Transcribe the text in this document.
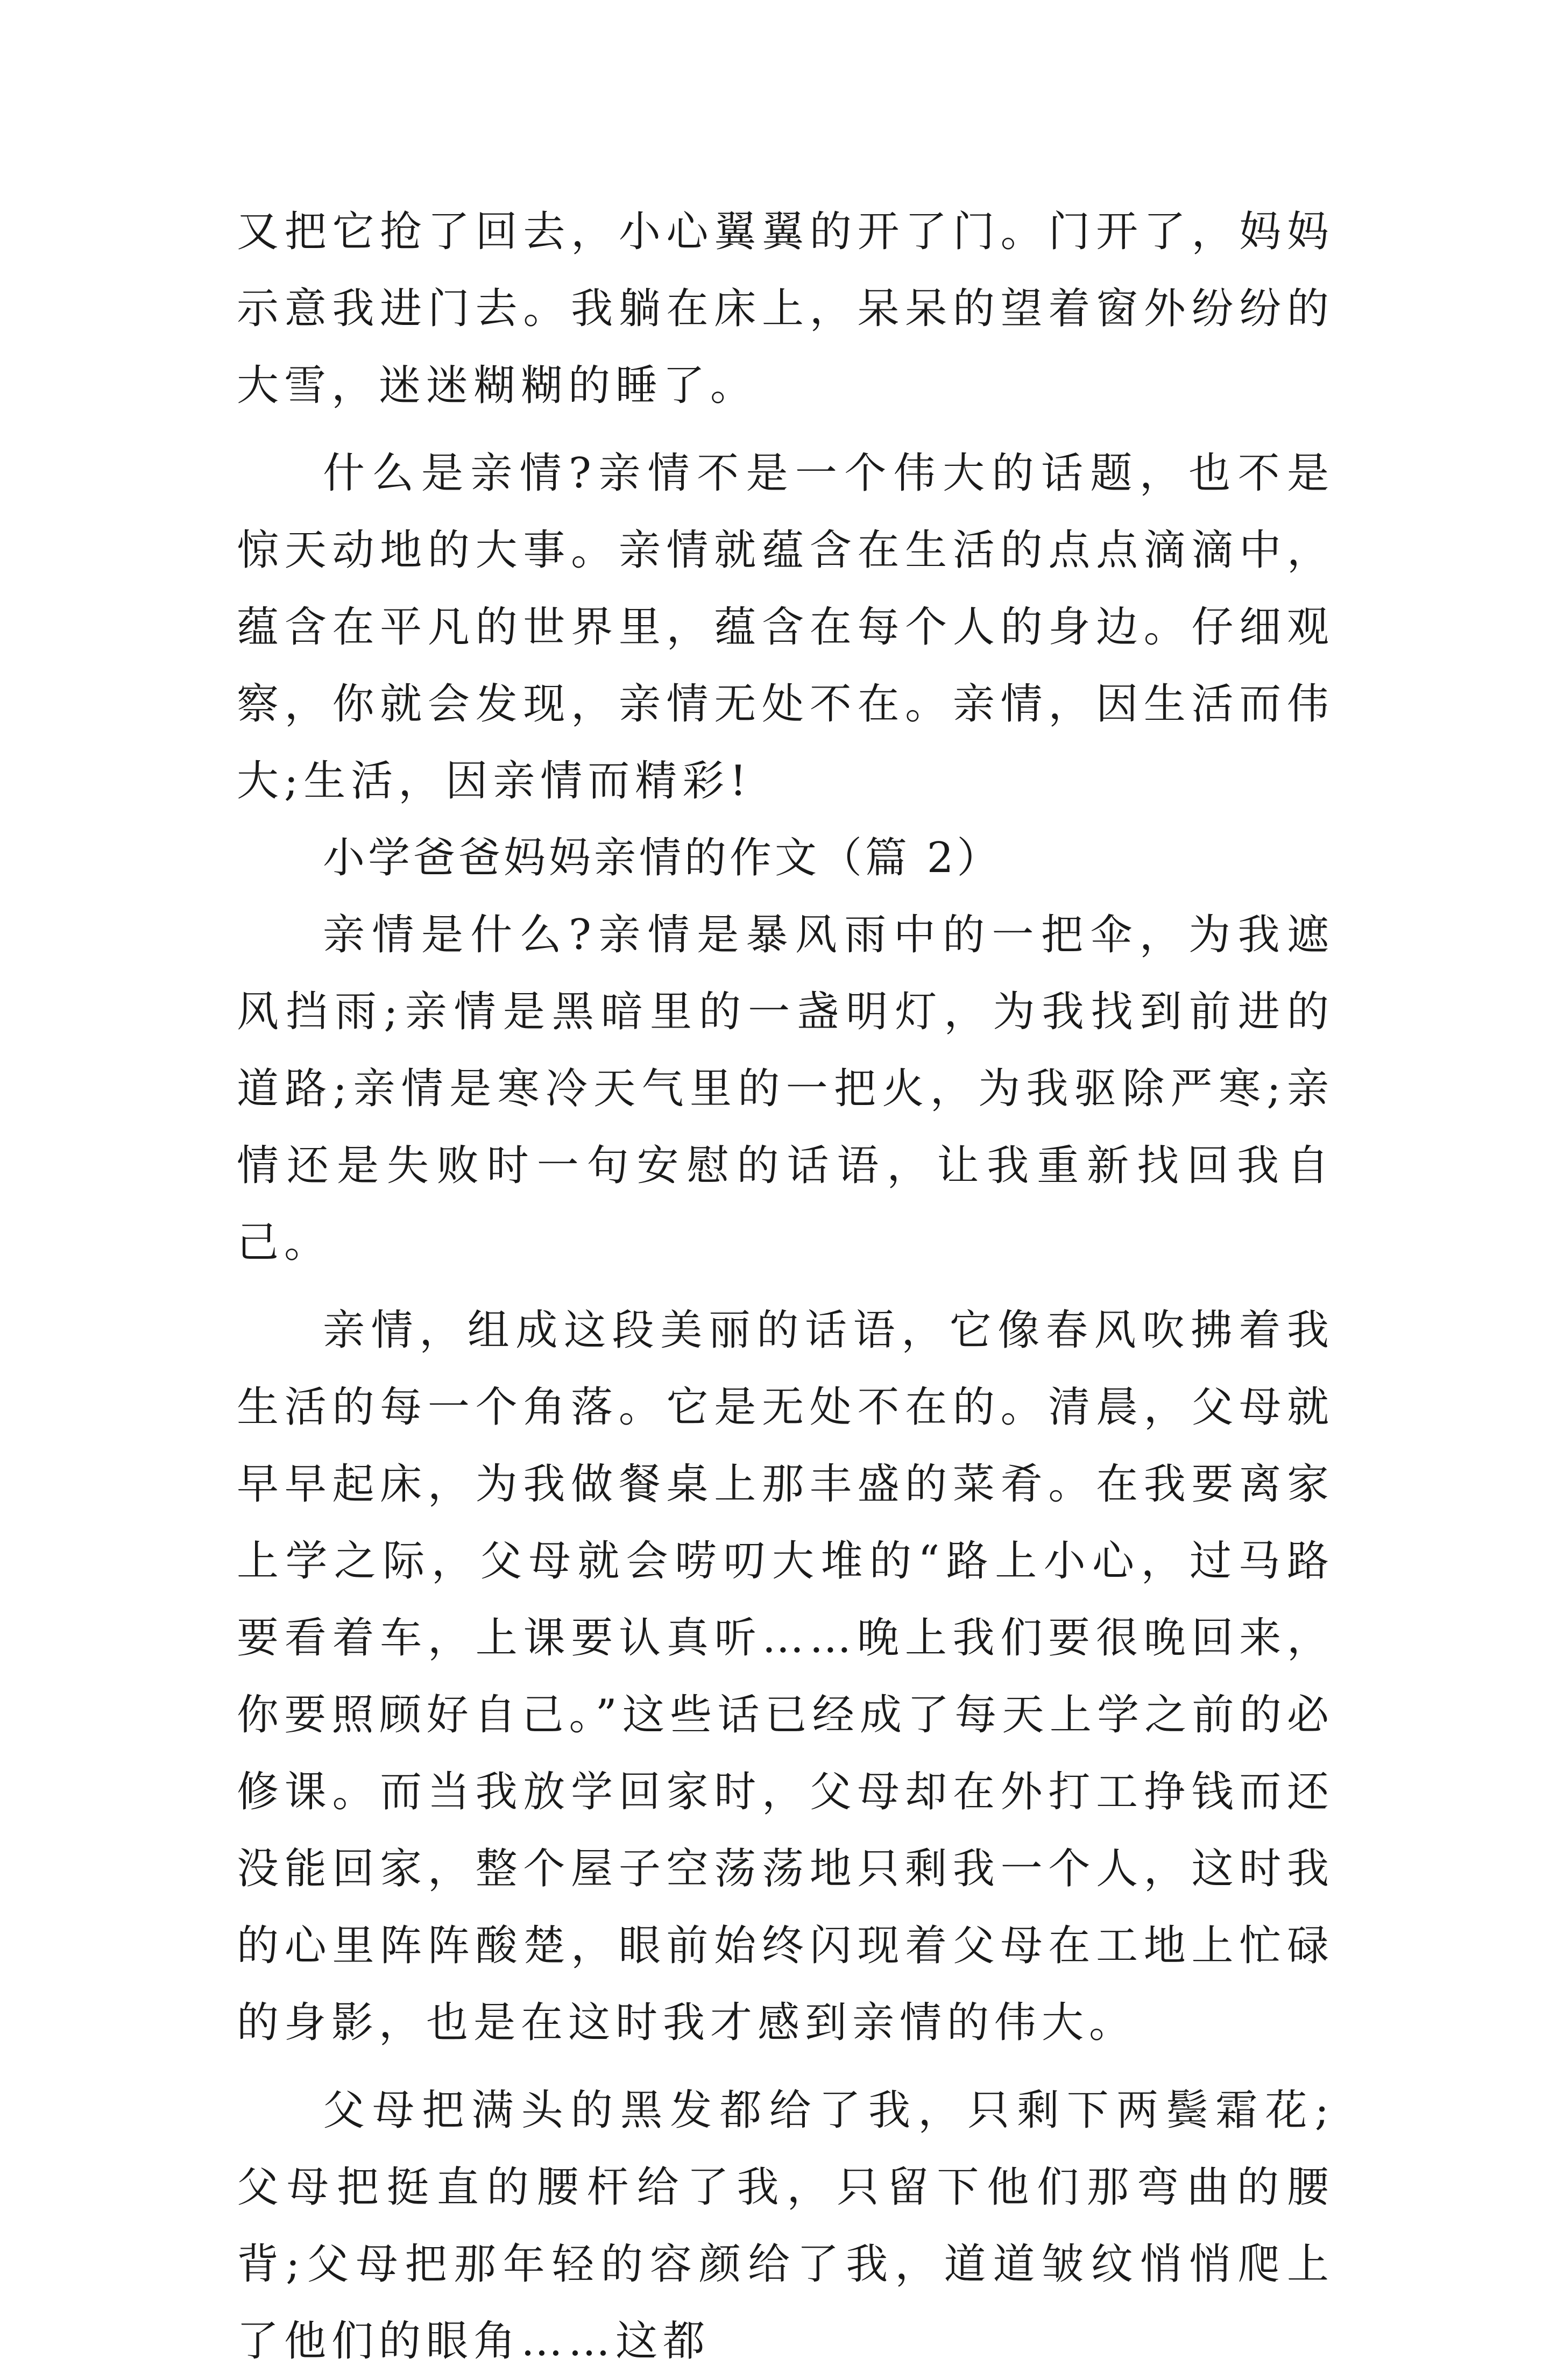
又把它抢了回去，小心翼翼的开了门。门开了，妈妈示意我进门去。我躺在床上，呆呆的望着窗外纷纷的大雪，迷迷糊糊的睡了。

什么是亲情?亲情不是一个伟大的话题，也不是惊天动地的大事。亲情就蕴含在生活的点点滴滴中，蕴含在平凡的世界里，蕴含在每个人的身边。仔细观察，你就会发现，亲情无处不在。亲情，因生活而伟大;生活，因亲情而精彩!

小学爸爸妈妈亲情的作文（篇 2）

亲情是什么?亲情是暴风雨中的一把伞，为我遮风挡雨;亲情是黑暗里的一盏明灯，为我找到前进的道路;亲情是寒冷天气里的一把火，为我驱除严寒;亲情还是失败时一句安慰的话语，让我重新找回我自己。

亲情，组成这段美丽的话语，它像春风吹拂着我生活的每一个角落。它是无处不在的。清晨，父母就早早起床，为我做餐桌上那丰盛的菜肴。在我要离家上学之际，父母就会唠叨大堆的“路上小心，过马路要看着车，上课要认真听……晚上我们要很晚回来，你要照顾好自己。”这些话已经成了每天上学之前的必修课。而当我放学回家时，父母却在外打工挣钱而还没能回家，整个屋子空荡荡地只剩我一个人，这时我的心里阵阵酸楚，眼前始终闪现着父母在工地上忙碌的身影，也是在这时我才感到亲情的伟大。

父母把满头的黑发都给了我，只剩下两鬓霜花;父母把挺直的腰杆给了我，只留下他们那弯曲的腰背;父母把那年轻的容颜给了我，道道皱纹悄悄爬上了他们的眼角……这都
